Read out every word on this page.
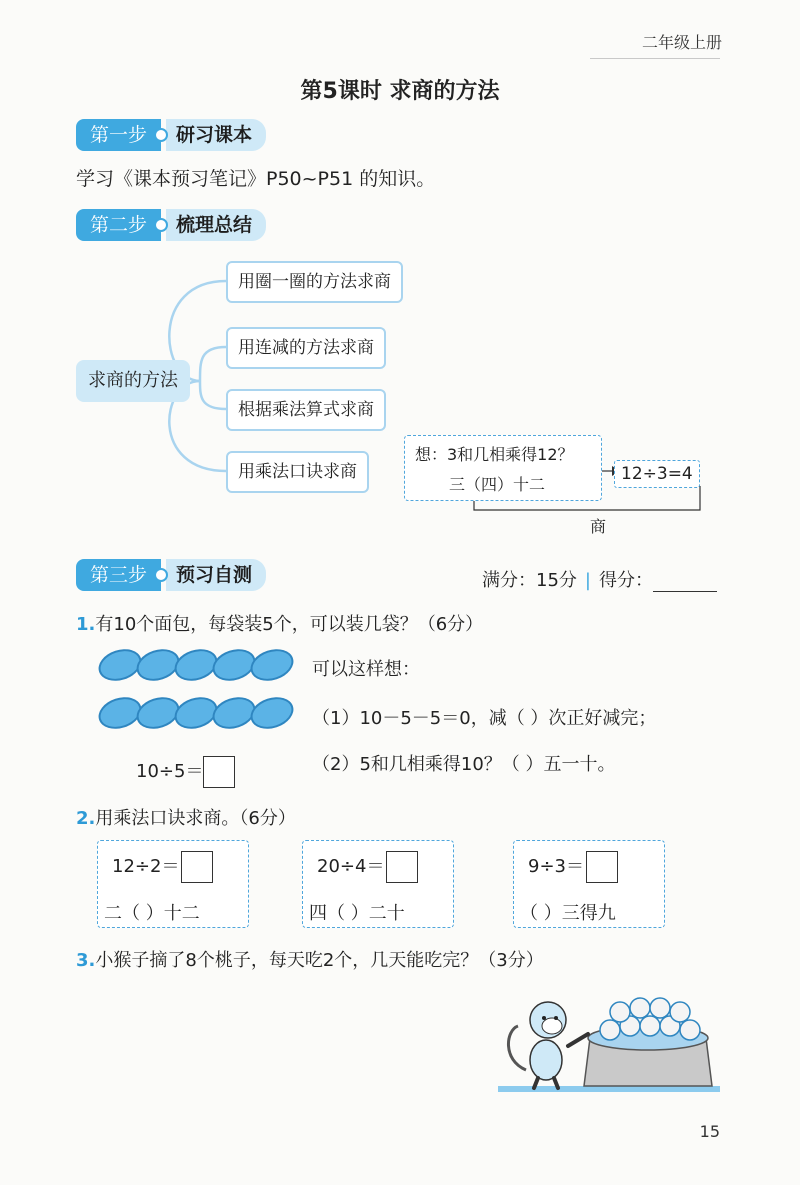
二年级上册
第5课时 求商的方法
第一步	研习课本
学习《课本预习笔记》P50~P51 的知识。
第二步	梳理总结
求商的方法
用圈一圈的方法求商
用连减的方法求商
根据乘法算式求商
用乘法口诀求商
想：3和几相乘得12？
三（四）十二
12÷3=4
商
第三步	预习自测	满分：15分 | 得分：
1.有10个面包，每袋装5个，可以装几袋？（6分）
可以这样想：
（1）10－5－5＝0，减（ ）次正好减完；
（2）5和几相乘得10？（ ）五一十。
10÷5＝
2.用乘法口诀求商。（6分）
12÷2＝
二（ ）十二
20÷4＝
四（ ）二十
9÷3＝
（ ）三得九
3.小猴子摘了8个桃子，每天吃2个，几天能吃完？（3分）
15
